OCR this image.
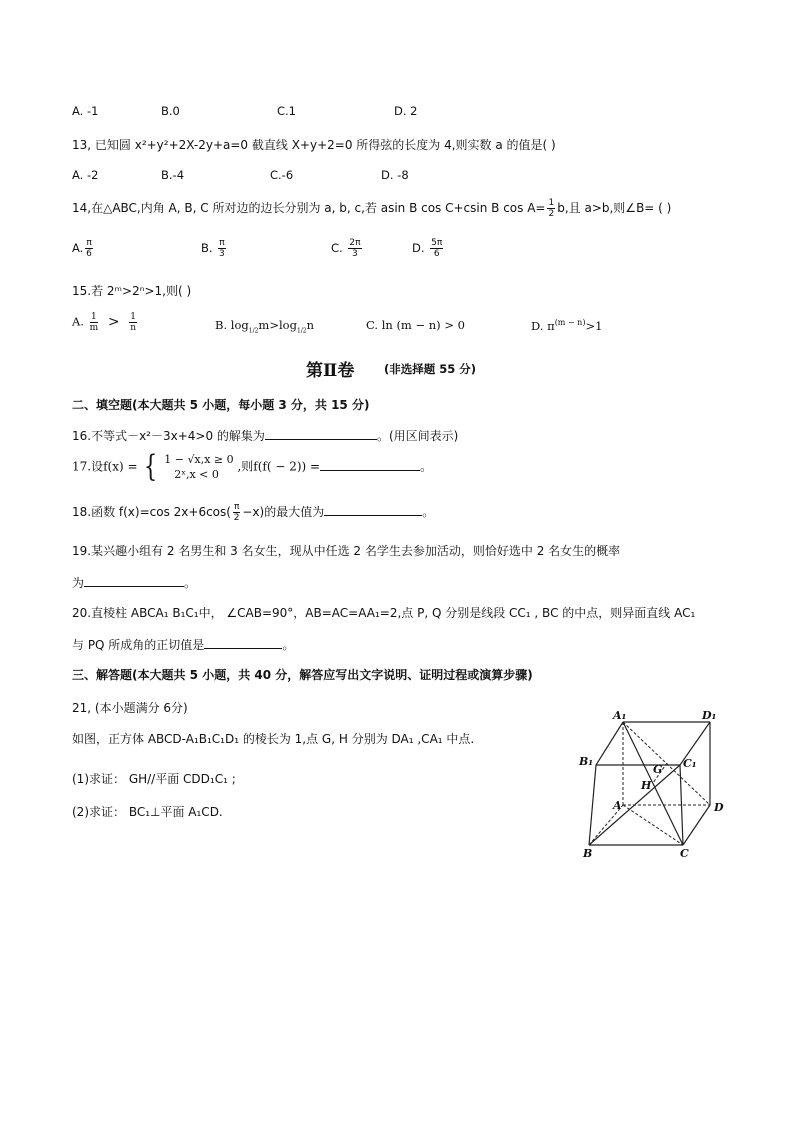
A. -1	B.0	C.1	D. 2
13, 已知圆 x²+y²+2X-2y+a=0 截直线 X+y+2=0 所得弦的长度为 4,则实数 a 的值是( )
A. -2	B.-4	C.-6	D. -8
14,在△ABC,内角 A, B, C 所对边的边长分别为 a, b, c,若 asin B cos C+csin B $\cos A= \frac{1}{2} b$,且 a>b,则∠B= ( )
A. $\frac{\pi}{6}$	B. $\frac{\pi}{3}$	C. $\frac{2\pi}{3}$	D. $\frac{5\pi}{6}$
15.若 2ᵐ>2ⁿ>1,则( )
A. $\frac{1}{m} > \frac{1}{n}$	B. $\log_{1/2}m>\log_{1/2}n$	C. ln (m − n) > 0	D. $\pi^{(m - n)}>1$
第Ⅱ卷	(非选择题 55 分)
二、填空题(本大题共 5 小题，每小题 3 分，共 15 分)
16.不等式－x²－3x+4>0 的解集为	。(用区间表示)
17.设f(x) = { 1 − √x,x ≥ 0
2ˣ,x < 0
,则f(f( − 2)) =	。
18.函数 f(x)=cos $2x+6\cos( \frac{\pi}{2} -x)$的最大值为	。
19.某兴趣小组有 2 名男生和 3 名女生，现从中任选 2 名学生去参加活动，则恰好选中 2 名女生的概率
为	。
20.直棱柱 ABCA₁ B₁C₁中， ∠CAB=90°，AB=AC=AA₁=2,点 P, Q 分别是线段 CC₁ , BC 的中点，则异面直线 AC₁
与 PQ 所成角的正切值是	。
三、解答题(本大题共 5 小题，共 40 分，解答应写出文字说明、证明过程或演算步骤)
21, (本小题满分 6分)
如图，正方体 ABCD-A₁B₁C₁D₁ 的棱长为 1,点 G, H 分别为 DA₁ ,CA₁ 中点.
(1)求证： GH//平面 CDD₁C₁ ;
(2)求证： BC₁⊥平面 A₁CD.
A₁	D₁
B₁	C₁
G
H
A	D
B	C
